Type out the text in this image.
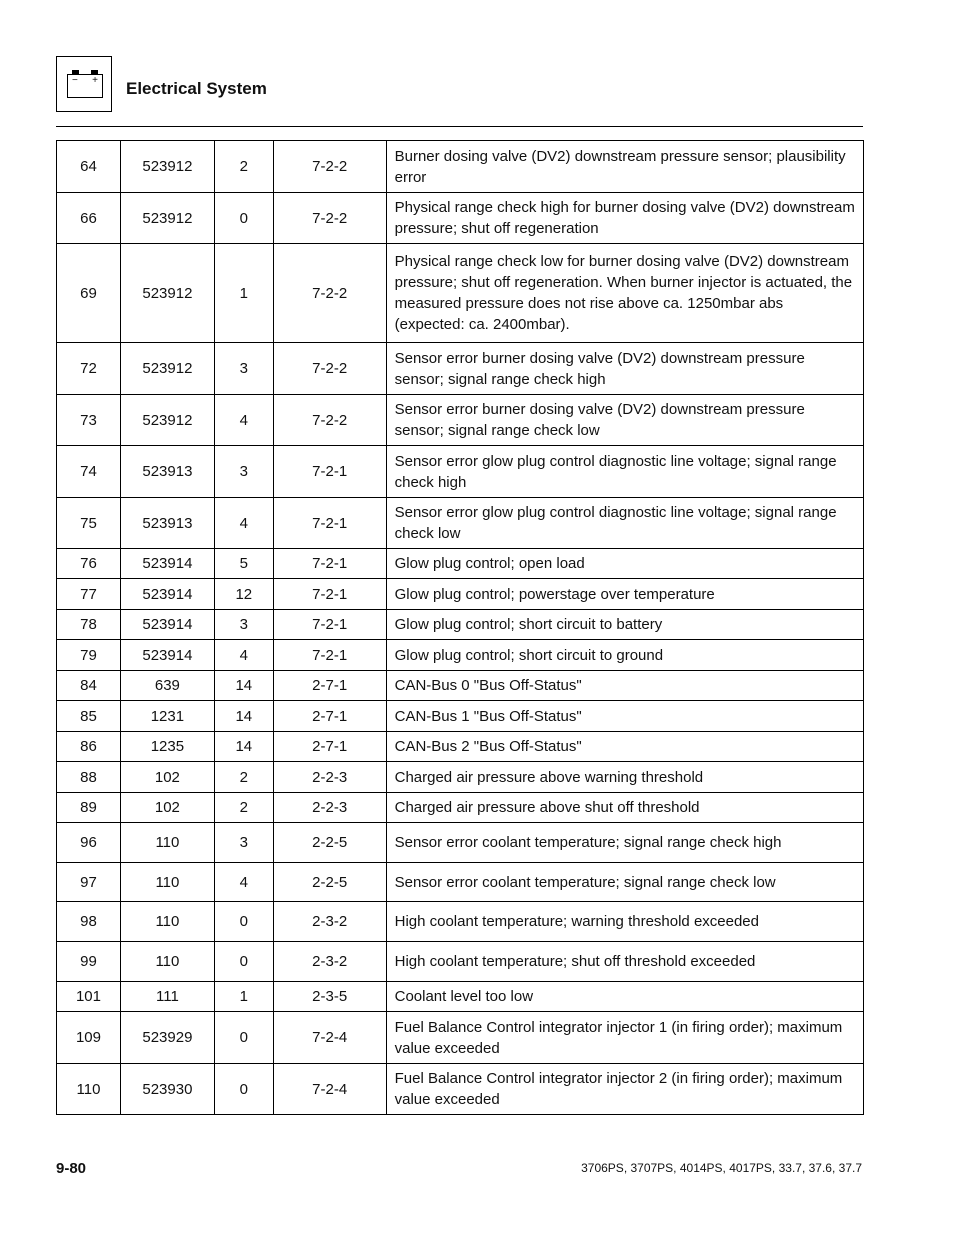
− + Electrical System
64	523912	2	7-2-2	Burner dosing valve (DV2) downstream pressure sensor; plausibility error
66	523912	0	7-2-2	Physical range check high for burner dosing valve (DV2) downstream pressure; shut off regeneration
69	523912	1	7-2-2	Physical range check low for burner dosing valve (DV2) downstream pressure; shut off regeneration. When burner injector is actuated, the measured pressure does not rise above ca. 1250mbar abs (expected: ca. 2400mbar).
72	523912	3	7-2-2	Sensor error burner dosing valve (DV2) downstream pressure sensor; signal range check high
73	523912	4	7-2-2	Sensor error burner dosing valve (DV2) downstream pressure sensor; signal range check low
74	523913	3	7-2-1	Sensor error glow plug control diagnostic line voltage; signal range check high
75	523913	4	7-2-1	Sensor error glow plug control diagnostic line voltage; signal range check low
76	523914	5	7-2-1	Glow plug control; open load
77	523914	12	7-2-1	Glow plug control; powerstage over temperature
78	523914	3	7-2-1	Glow plug control; short circuit to battery
79	523914	4	7-2-1	Glow plug control; short circuit to ground
84	639	14	2-7-1	CAN-Bus 0 "Bus Off-Status"
85	1231	14	2-7-1	CAN-Bus 1 "Bus Off-Status"
86	1235	14	2-7-1	CAN-Bus 2 "Bus Off-Status"
88	102	2	2-2-3	Charged air pressure above warning threshold
89	102	2	2-2-3	Charged air pressure above shut off threshold
96	110	3	2-2-5	Sensor error coolant temperature; signal range check high
97	110	4	2-2-5	Sensor error coolant temperature; signal range check low
98	110	0	2-3-2	High coolant temperature; warning threshold exceeded
99	110	0	2-3-2	High coolant temperature; shut off threshold exceeded
101	111	1	2-3-5	Coolant level too low
109	523929	0	7-2-4	Fuel Balance Control integrator injector 1 (in firing order); maximum value exceeded
110	523930	0	7-2-4	Fuel Balance Control integrator injector 2 (in firing order); maximum value exceeded
9-80	3706PS, 3707PS, 4014PS, 4017PS, 33.7, 37.6, 37.7
